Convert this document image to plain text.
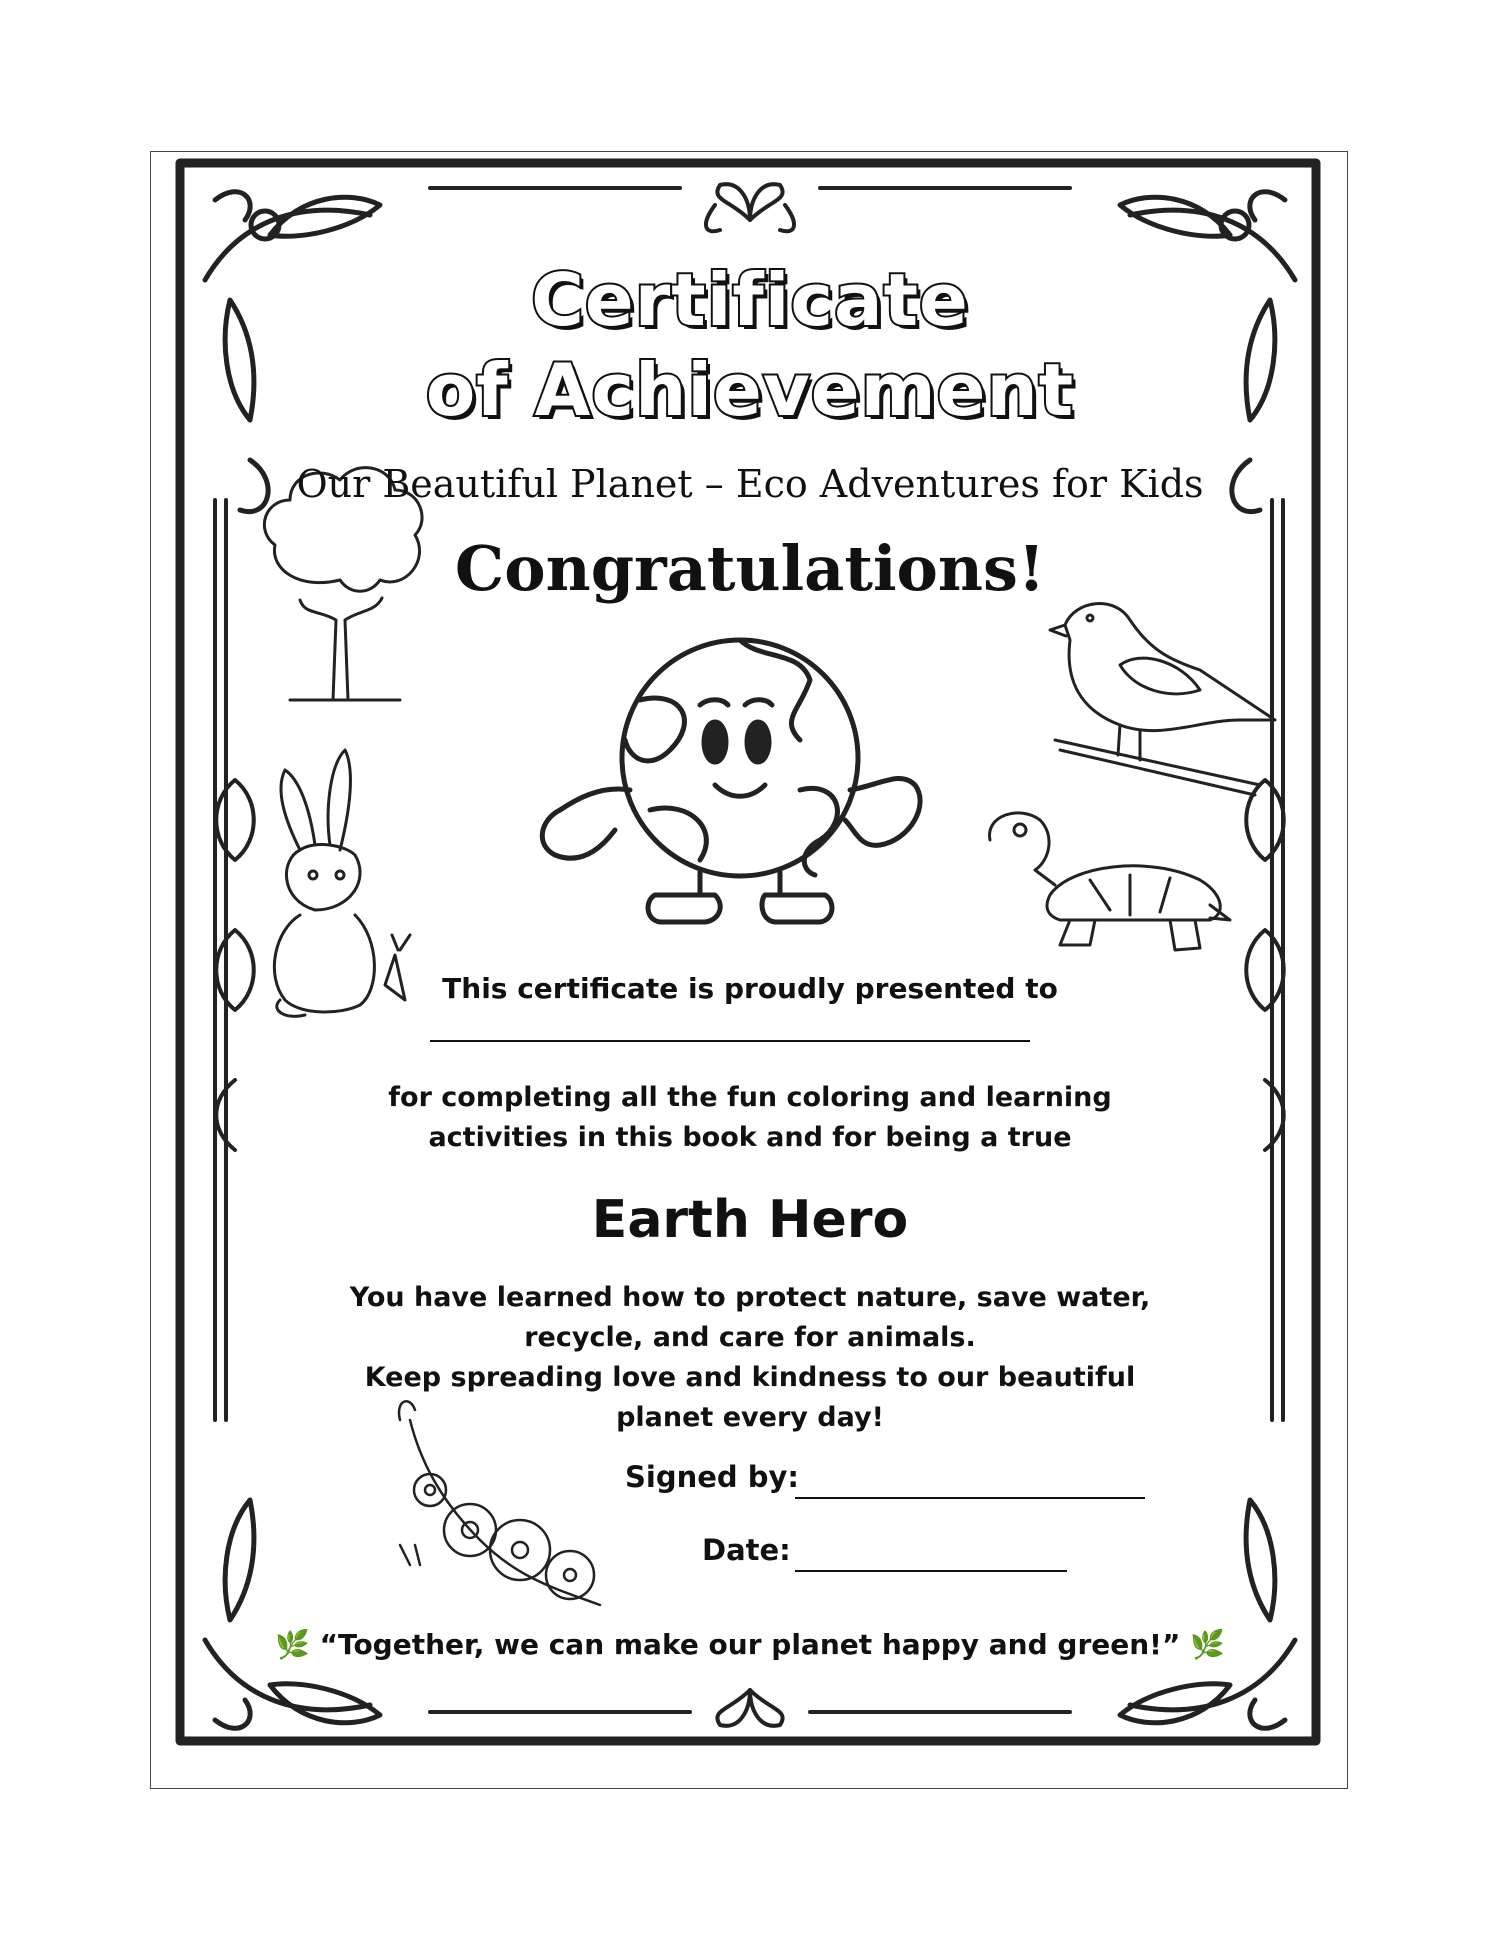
Certificate
of Achievement
Our Beautiful Planet – Eco Adventures for Kids
Congratulations!
This certificate is proudly presented to
for completing all the fun coloring and learning
activities in this book and for being a true
Earth Hero
You have learned how to protect nature, save water,
recycle, and care for animals.
Keep spreading love and kindness to our beautiful
planet every day!
Signed by:
Date:
🌿 “Together, we can make our planet happy and green!” 🌿
